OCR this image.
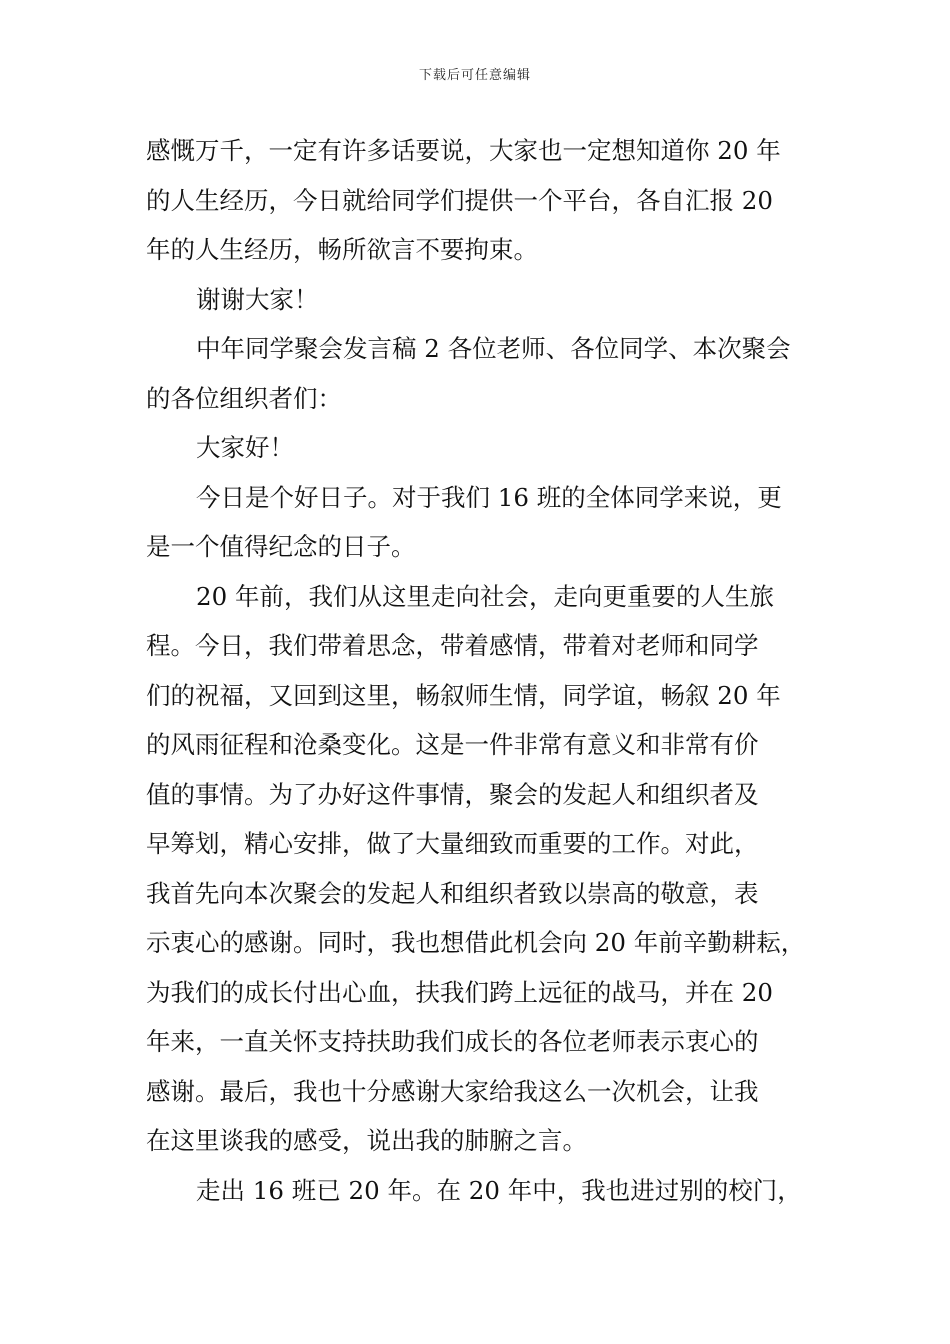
下载后可任意编辑
感慨万千，一定有许多话要说，大家也一定想知道你 20 年
的人生经历，今日就给同学们提供一个平台，各自汇报 20
年的人生经历，畅所欲言不要拘束。
谢谢大家！
中年同学聚会发言稿 2 各位老师、各位同学、本次聚会
的各位组织者们：
大家好！
今日是个好日子。对于我们 16 班的全体同学来说，更
是一个值得纪念的日子。
20 年前，我们从这里走向社会，走向更重要的人生旅
程。今日，我们带着思念，带着感情，带着对老师和同学
们的祝福，又回到这里，畅叙师生情，同学谊，畅叙 20 年
的风雨征程和沧桑变化。这是一件非常有意义和非常有价
值的事情。为了办好这件事情，聚会的发起人和组织者及
早筹划，精心安排，做了大量细致而重要的工作。对此，
我首先向本次聚会的发起人和组织者致以崇高的敬意，表
示衷心的感谢。同时，我也想借此机会向 20 年前辛勤耕耘，
为我们的成长付出心血，扶我们跨上远征的战马，并在 20
年来，一直关怀支持扶助我们成长的各位老师表示衷心的
感谢。最后，我也十分感谢大家给我这么一次机会，让我
在这里谈我的感受，说出我的肺腑之言。
走出 16 班已 20 年。在 20 年中，我也进过别的校门，
